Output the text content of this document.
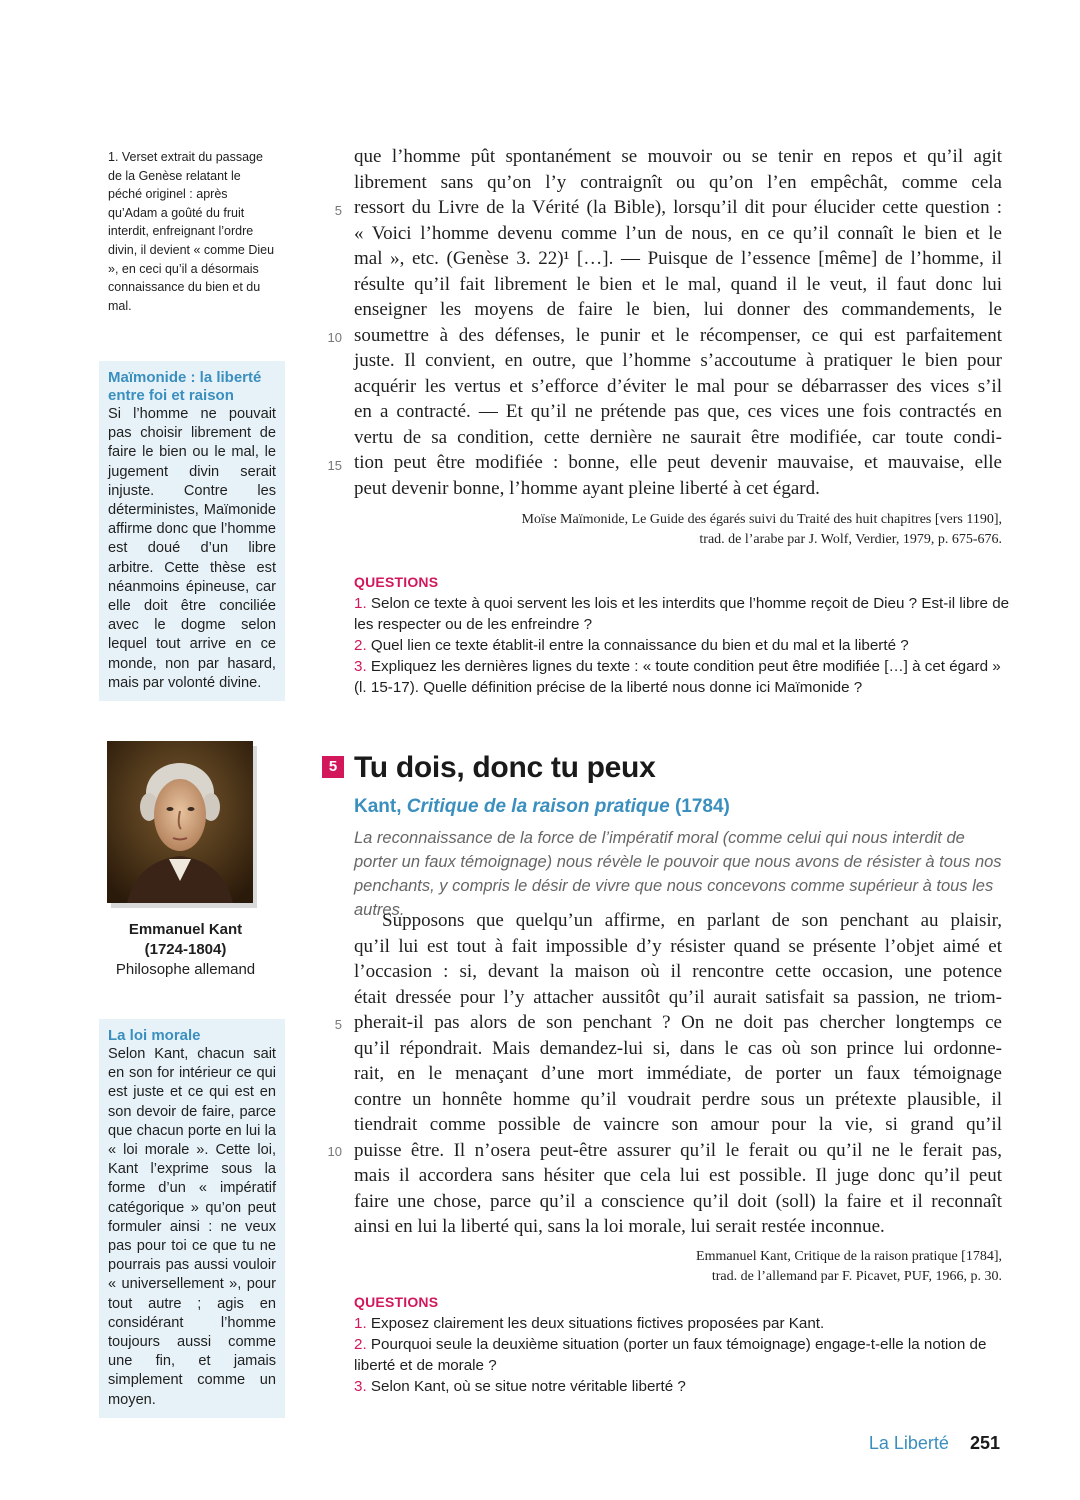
1. Verset extrait du passage de la Genèse relatant le péché originel : après qu’Adam a goûté du fruit interdit, enfreignant l’ordre divin, il devient « comme Dieu », en ceci qu’il a désormais connaissance du bien et du mal.
Maïmonide : la liberté entre foi et raison
Si l’homme ne pouvait pas choisir librement de faire le bien ou le mal, le jugement divin serait injuste. Contre les déterministes, Maïmonide affirme donc que l’homme est doué d’un libre arbitre. Cette thèse est néanmoins épineuse, car elle doit être conciliée avec le dogme selon lequel tout arrive en ce monde, non par hasard, mais par volonté divine.
Emmanuel Kant
(1724-1804)
Philosophe allemand
La loi morale
Selon Kant, chacun sait en son for intérieur ce qui est juste et ce qui est en son devoir de faire, parce que chacun porte en lui la « loi morale ». Cette loi, Kant l’exprime sous la forme d’un « impératif catégorique » qu’on peut formuler ainsi : ne veux pas pour toi ce que tu ne pourrais pas aussi vouloir « universellement », pour tout autre ; agis en considérant l’homme toujours aussi comme une fin, et jamais simplement comme un moyen.
que l’homme pût spontanément se mouvoir ou se tenir en repos et qu’il agit
librement sans qu’on l’y contraignît ou qu’on l’en empêchât, comme cela
ressort du Livre de la Vérité (la Bible), lorsqu’il dit pour élucider cette question :
« Voici l’homme devenu comme l’un de nous, en ce qu’il connaît le bien et le
mal », etc. (Genèse 3. 22)¹ […]. — Puisque de l’essence [même] de l’homme, il
résulte qu’il fait librement le bien et le mal, quand il le veut, il faut donc lui
enseigner les moyens de faire le bien, lui donner des commandements, le
soumettre à des défenses, le punir et le récompenser, ce qui est parfaitement
juste. Il convient, en outre, que l’homme s’accoutume à pratiquer le bien pour
acquérir les vertus et s’efforce d’éviter le mal pour se débarrasser des vices s’il
en a contracté. — Et qu’il ne prétende pas que, ces vices une fois contractés en
vertu de sa condition, cette dernière ne saurait être modifiée, car toute condi-
tion peut être modifiée : bonne, elle peut devenir mauvaise, et mauvaise, elle
peut devenir bonne, l’homme ayant pleine liberté à cet égard.
5
10
15
Moïse Maïmonide, Le Guide des égarés suivi du Traité des huit chapitres [vers 1190],
trad. de l’arabe par J. Wolf, Verdier, 1979, p. 675-676.
QUESTIONS
1. Selon ce texte à quoi servent les lois et les interdits que l’homme reçoit de Dieu ? Est-il libre de les respecter ou de les enfreindre ?
2. Quel lien ce texte établit-il entre la connaissance du bien et du mal et la liberté ?
3. Expliquez les dernières lignes du texte : « toute condition peut être modifiée […] à cet égard » (l. 15-17). Quelle définition précise de la liberté nous donne ici Maïmonide ?
5 Tu dois, donc tu peux
Kant, Critique de la raison pratique (1784)
La reconnaissance de la force de l’impératif moral (comme celui qui nous interdit de porter un faux témoignage) nous révèle le pouvoir que nous avons de résister à tous nos penchants, y compris le désir de vivre que nous concevons comme supérieur à tous les autres.
Supposons que quelqu’un affirme, en parlant de son penchant au plaisir,
qu’il lui est tout à fait impossible d’y résister quand se présente l’objet aimé et
l’occasion : si, devant la maison où il rencontre cette occasion, une potence
était dressée pour l’y attacher aussitôt qu’il aurait satisfait sa passion, ne triom-
pherait-il pas alors de son penchant ? On ne doit pas chercher longtemps ce
qu’il répondrait. Mais demandez-lui si, dans le cas où son prince lui ordonne-
rait, en le menaçant d’une mort immédiate, de porter un faux témoignage
contre un honnête homme qu’il voudrait perdre sous un prétexte plausible, il
tiendrait comme possible de vaincre son amour pour la vie, si grand qu’il
puisse être. Il n’osera peut-être assurer qu’il le ferait ou qu’il ne le ferait pas,
mais il accordera sans hésiter que cela lui est possible. Il juge donc qu’il peut
faire une chose, parce qu’il a conscience qu’il doit (soll) la faire et il reconnaît
ainsi en lui la liberté qui, sans la loi morale, lui serait restée inconnue.
5
10
Emmanuel Kant, Critique de la raison pratique [1784],
trad. de l’allemand par F. Picavet, PUF, 1966, p. 30.
QUESTIONS
1. Exposez clairement les deux situations fictives proposées par Kant.
2. Pourquoi seule la deuxième situation (porter un faux témoignage) engage-t-elle la notion de liberté et de morale ?
3. Selon Kant, où se situe notre véritable liberté ?
La Liberté 251
